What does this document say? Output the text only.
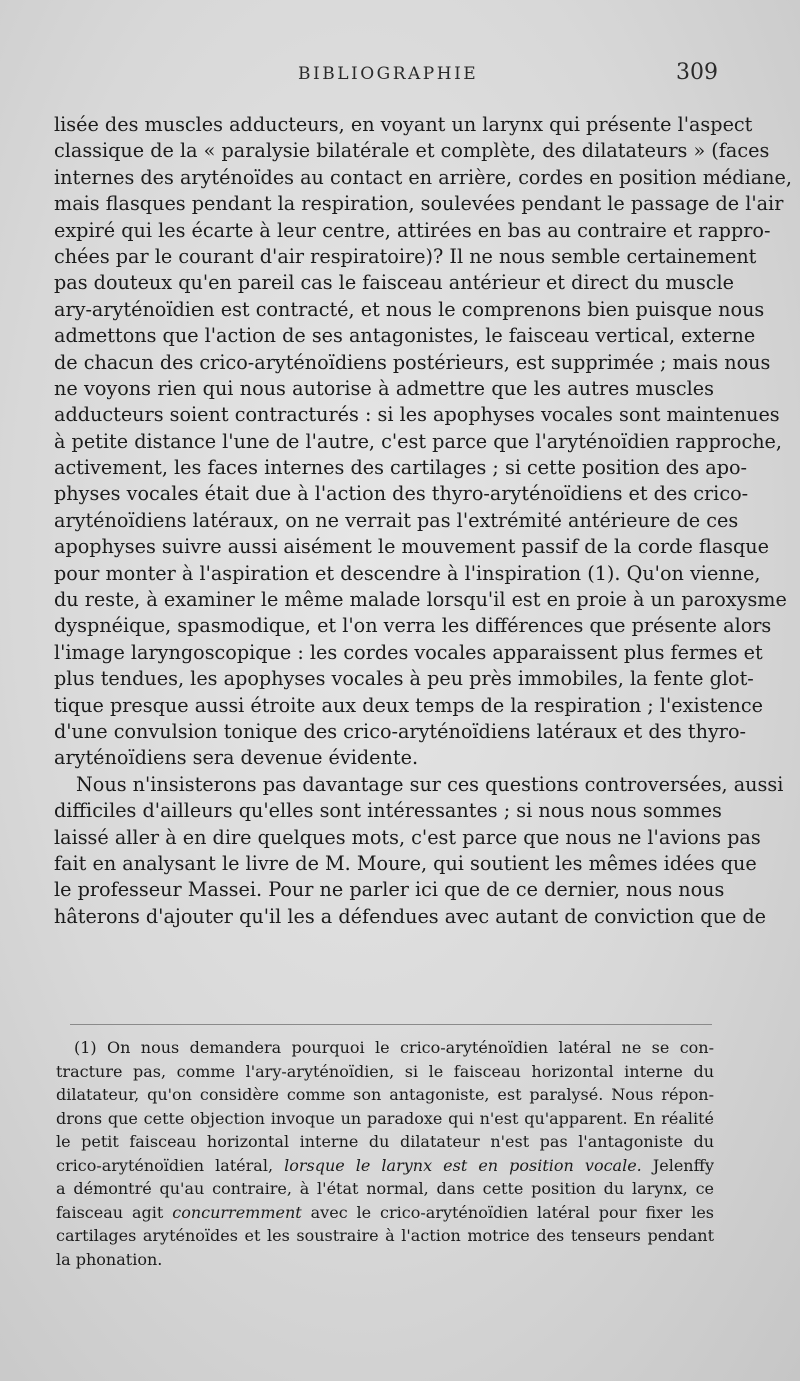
BIBLIOGRAPHIE	309
lisée des muscles adducteurs, en voyant un larynx qui présente l'aspect
classique de la « paralysie bilatérale et complète, des dilatateurs » (faces
internes des aryténoïdes au contact en arrière, cordes en position médiane,
mais flasques pendant la respiration, soulevées pendant le passage de l'air
expiré qui les écarte à leur centre, attirées en bas au contraire et rappro-
chées par le courant d'air respiratoire)? Il ne nous semble certainement
pas douteux qu'en pareil cas le faisceau antérieur et direct du muscle
ary-aryténoïdien est contracté, et nous le comprenons bien puisque nous
admettons que l'action de ses antagonistes, le faisceau vertical, externe
de chacun des crico-aryténoïdiens postérieurs, est supprimée ; mais nous
ne voyons rien qui nous autorise à admettre que les autres muscles
adducteurs soient contracturés : si les apophyses vocales sont maintenues
à petite distance l'une de l'autre, c'est parce que l'aryténoïdien rapproche,
activement, les faces internes des cartilages ; si cette position des apo-
physes vocales était due à l'action des thyro-aryténoïdiens et des crico-
aryténoïdiens latéraux, on ne verrait pas l'extrémité antérieure de ces
apophyses suivre aussi aisément le mouvement passif de la corde flasque
pour monter à l'aspiration et descendre à l'inspiration (1). Qu'on vienne,
du reste, à examiner le même malade lorsqu'il est en proie à un paroxysme
dyspnéique, spasmodique, et l'on verra les différences que présente alors
l'image laryngoscopique : les cordes vocales apparaissent plus fermes et
plus tendues, les apophyses vocales à peu près immobiles, la fente glot-
tique presque aussi étroite aux deux temps de la respiration ; l'existence
d'une convulsion tonique des crico-aryténoïdiens latéraux et des thyro-
aryténoïdiens sera devenue évidente.
Nous n'insisterons pas davantage sur ces questions controversées, aussi
difficiles d'ailleurs qu'elles sont intéressantes ; si nous nous sommes
laissé aller à en dire quelques mots, c'est parce que nous ne l'avions pas
fait en analysant le livre de M. Moure, qui soutient les mêmes idées que
le professeur Massei. Pour ne parler ici que de ce dernier, nous nous
hâterons d'ajouter qu'il les a défendues avec autant de conviction que de
(1) On nous demandera pourquoi le crico-aryténoïdien latéral ne se con-
tracture pas, comme l'ary-aryténoïdien, si le faisceau horizontal interne du
dilatateur, qu'on considère comme son antagoniste, est paralysé. Nous répon-
drons que cette objection invoque un paradoxe qui n'est qu'apparent. En réalité
le petit faisceau horizontal interne du dilatateur n'est pas l'antagoniste du
crico-aryténoïdien latéral, lorsque le larynx est en position vocale. Jelenffy
a démontré qu'au contraire, à l'état normal, dans cette position du larynx, ce
faisceau agit concurremment avec le crico-aryténoïdien latéral pour fixer les
cartilages aryténoïdes et les soustraire à l'action motrice des tenseurs pendant
la phonation.
